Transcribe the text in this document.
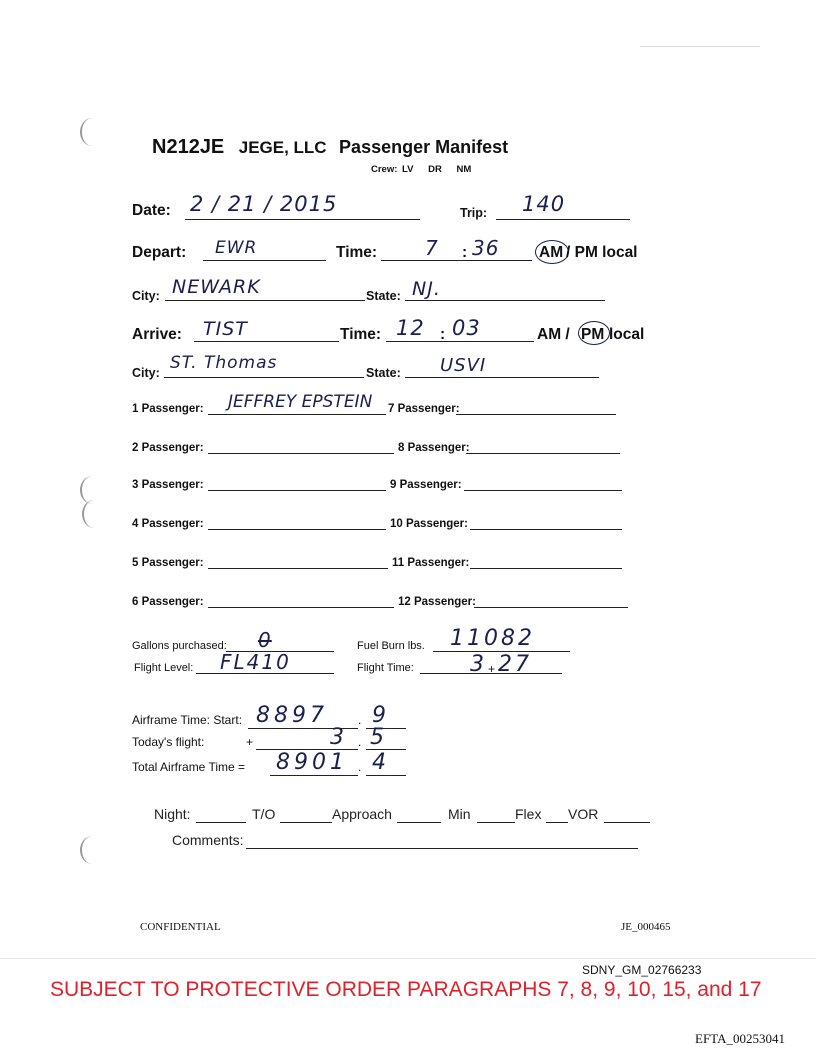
N212JE JEGE, LLC Passenger Manifest
Crew: LV DR NM
Date: 2 / 21 / 2015	Trip: 140
Depart: EWR	Time: 7 : 36	AM / PM local
City: NEWARK	State: NJ.
Arrive: TIST	Time: 12 : 03	AM / PM local
City: ST. Thomas	State: USVI
1 Passenger: JEFFREY EPSTEIN 7 Passenger:
2 Passenger:	8 Passenger:
3 Passenger:	9 Passenger:
4 Passenger:	10 Passenger:
5 Passenger:	11 Passenger:
6 Passenger:	12 Passenger:
Gallons purchased: 0	Fuel Burn lbs. 11082
Flight Level: FL410	Flight Time:	3 + 27
Airframe Time: Start: 8897	. 9
Today's flight:	+	3 . 5
Total Airframe Time = 8901 . 4
Night:	T/O	Approach	Min	Flex VOR
Comments:
CONFIDENTIAL	JE_000465
SDNY_GM_02766233
SUBJECT TO PROTECTIVE ORDER PARAGRAPHS 7, 8, 9, 10, 15, and 17
EFTA_00253041
